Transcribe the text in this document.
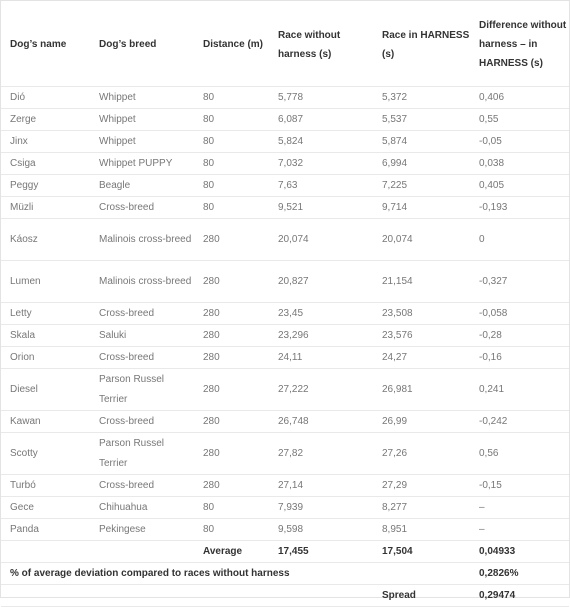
Dog’s name	Dog’s breed	Distance (m)	Race without harness (s)	Race in HARNESS (s)	Difference without harness – in HARNESS (s)
Dió	Whippet	80	5,778	5,372	0,406
Zerge	Whippet	80	6,087	5,537	0,55
Jinx	Whippet	80	5,824	5,874	-0,05
Csiga	Whippet PUPPY	80	7,032	6,994	0,038
Peggy	Beagle	80	7,63	7,225	0,405
Müzli	Cross-breed	80	9,521	9,714	-0,193
Káosz	Malinois cross-breed	280	20,074	20,074	0
Lumen	Malinois cross-breed	280	20,827	21,154	-0,327
Letty	Cross-breed	280	23,45	23,508	-0,058
Skala	Saluki	280	23,296	23,576	-0,28
Orion	Cross-breed	280	24,11	24,27	-0,16
Diesel	Parson Russel Terrier	280	27,222	26,981	0,241
Kawan	Cross-breed	280	26,748	26,99	-0,242
Scotty	Parson Russel Terrier	280	27,82	27,26	0,56
Turbó	Cross-breed	280	27,14	27,29	-0,15
Gece	Chihuahua	80	7,939	8,277	–
Panda	Pekingese	80	9,598	8,951	–
		Average	17,455	17,504	0,04933
% of average deviation compared to races without harness					0,2826%
				Spread	0,29474
